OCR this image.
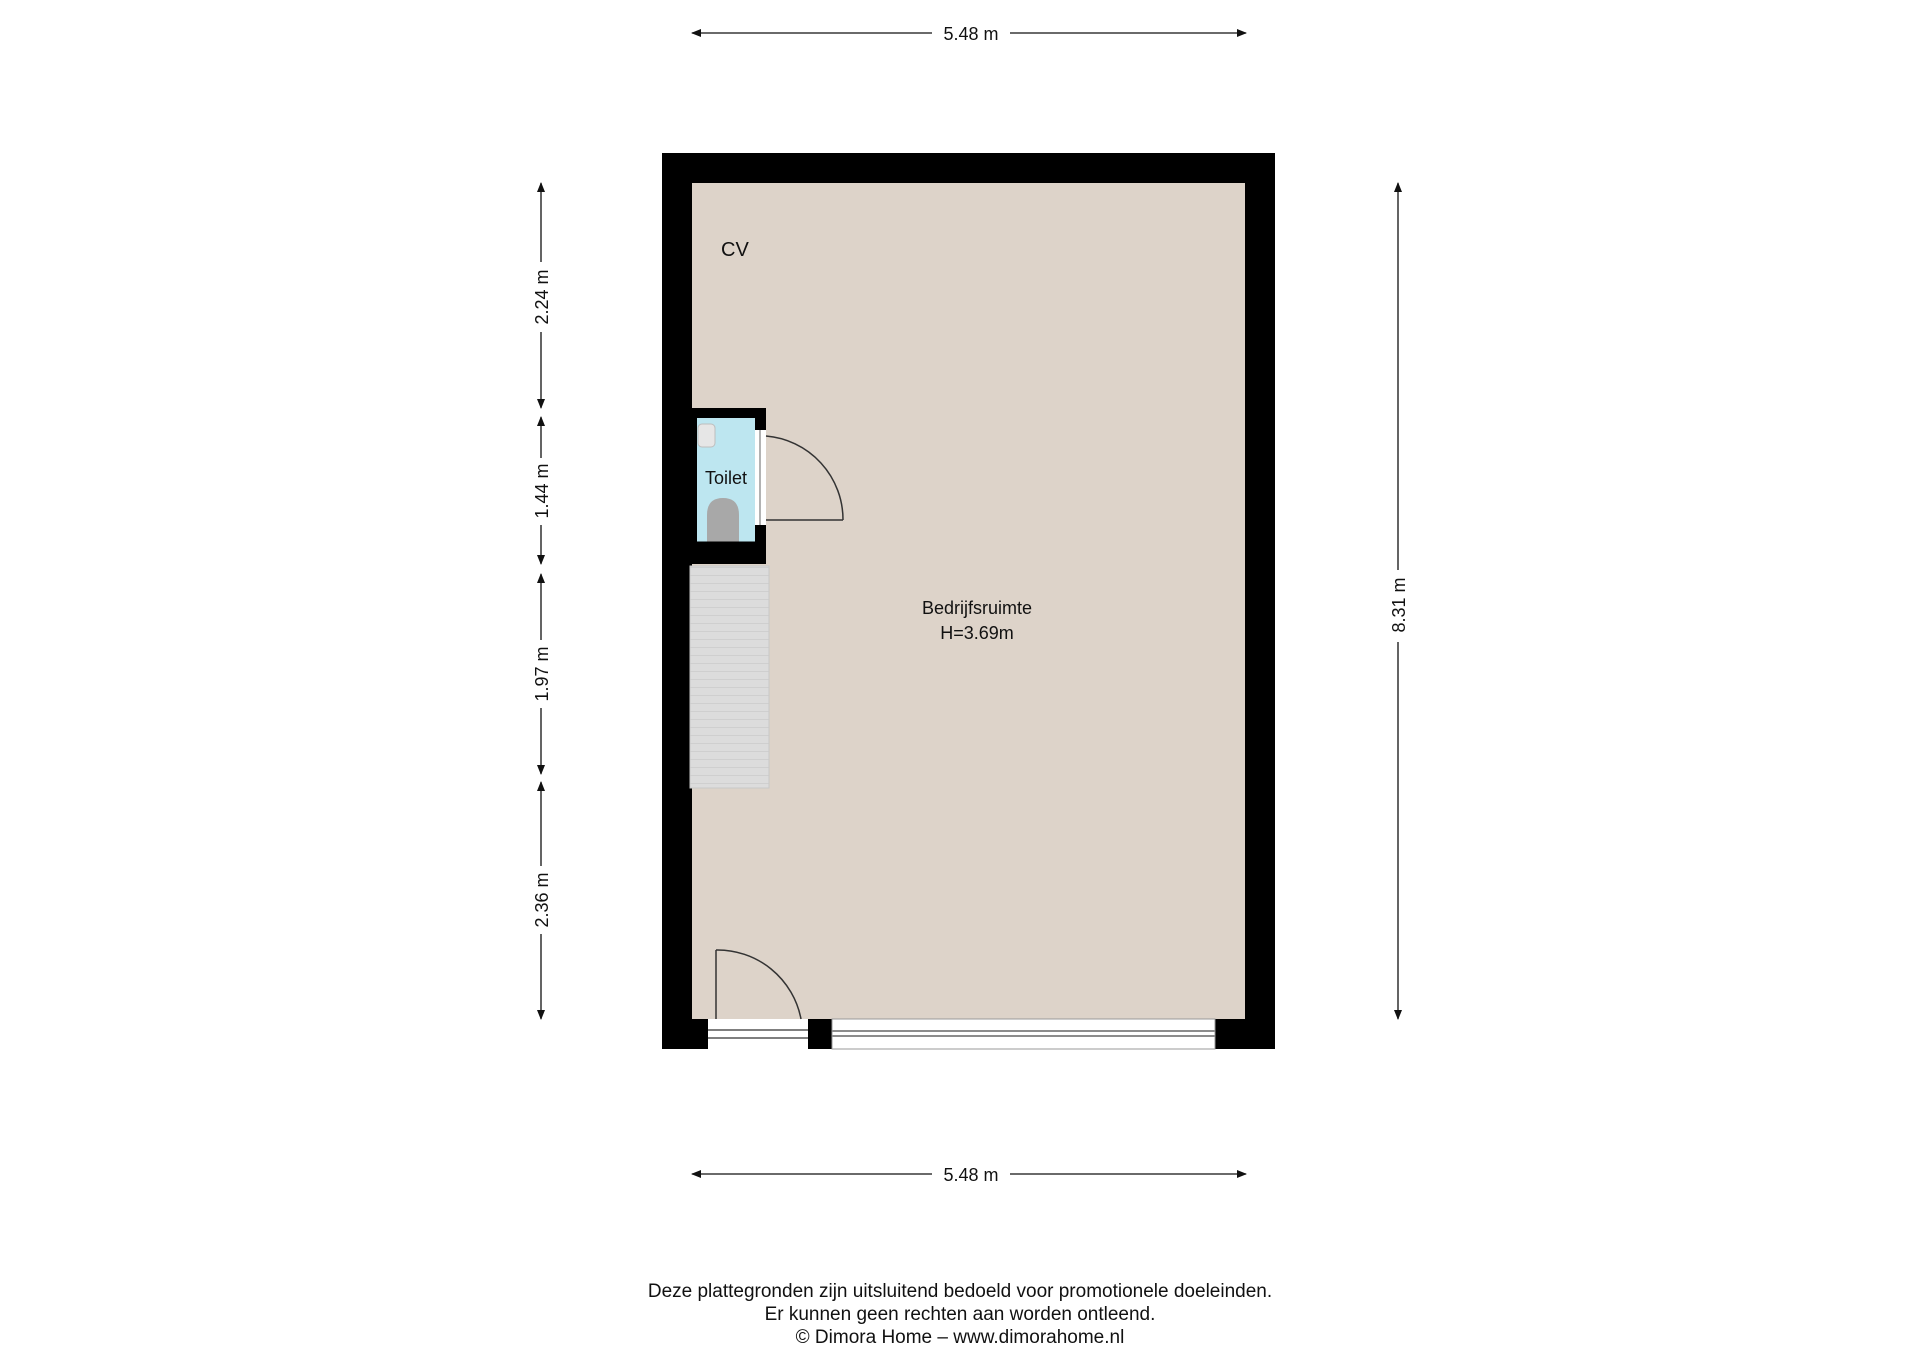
Toilet
CV
Bedrijfsruimte
H=3.69m
5.48 m
5.48 m
8.31 m
2.24 m
1.44 m
1.97 m
2.36 m
Deze plattegronden zijn uitsluitend bedoeld voor promotionele doeleinden.
Er kunnen geen rechten aan worden ontleend.
© Dimora Home – www.dimorahome.nl
